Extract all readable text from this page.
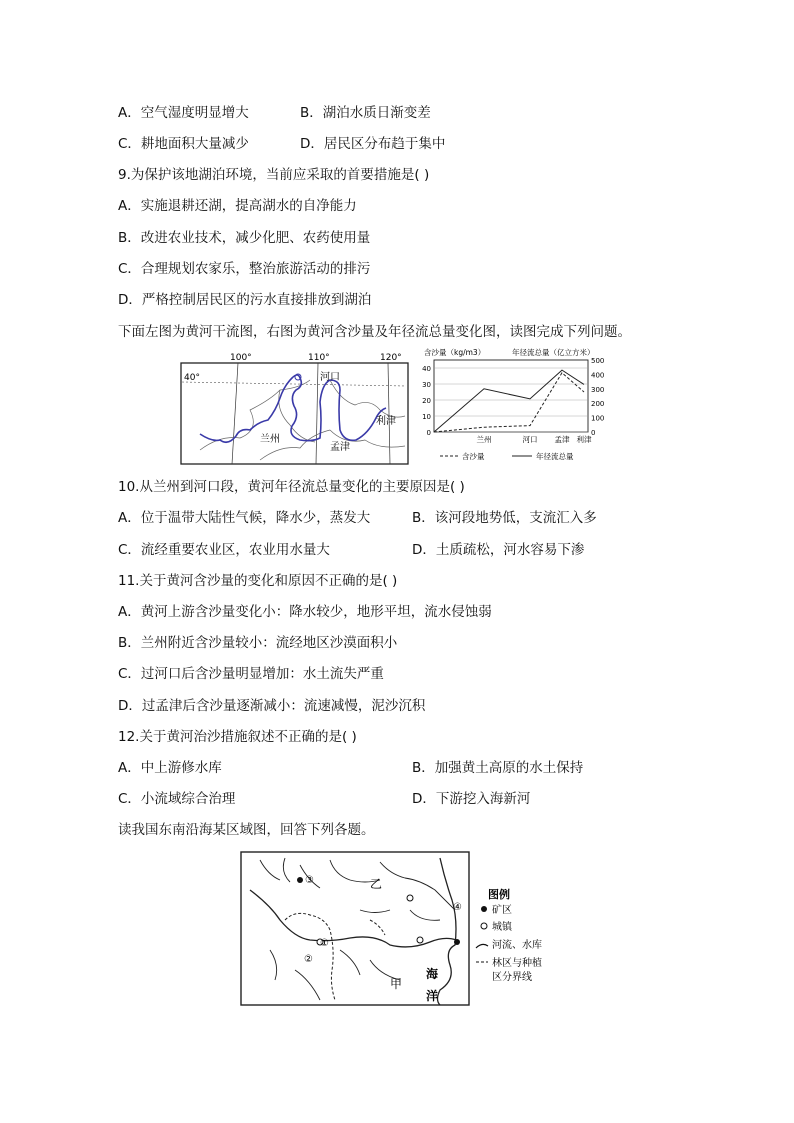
A．空气湿度明显增大	B．湖泊水质日渐变差
C．耕地面积大量减少	D．居民区分布趋于集中
9.为保护该地湖泊环境，当前应采取的首要措施是( )
A．实施退耕还湖，提高湖水的自净能力
B．改进农业技术，减少化肥、农药使用量
C．合理规划农家乐，整治旅游活动的排污
D．严格控制居民区的污水直接排放到湖泊
下面左图为黄河干流图，右图为黄河含沙量及年径流总量变化图，读图完成下列问题。
100°	110°	120°
40°	河口
兰州
孟津
利津
含沙量（kg/m3）	年径流总量（亿立方米）
0
10
20
30
40
0
100
200
300
400
500
兰州	河口 孟津 利津
含沙量	年径流总量
10.从兰州到河口段，黄河年径流总量变化的主要原因是( )
A．位于温带大陆性气候，降水少，蒸发大	B．该河段地势低，支流汇入多
C．流经重要农业区，农业用水量大	D．土质疏松，河水容易下渗
11.关于黄河含沙量的变化和原因不正确的是( )
A．黄河上游含沙量变化小：降水较少，地形平坦，流水侵蚀弱
B．兰州附近含沙量较小：流经地区沙漠面积小
C．过河口后含沙量明显增加：水土流失严重
D．过孟津后含沙量逐渐减小：流速减慢，泥沙沉积
12.关于黄河治沙措施叙述不正确的是( )
A．中上游修水库	B．加强黄土高原的水土保持
C．小流域综合治理	D．下游挖入海新河
读我国东南沿海某区域图，回答下列各题。
乙
甲
海
洋
①
②
③
④
图例
矿区
城镇
河流、水库
林区与种植
区分界线
